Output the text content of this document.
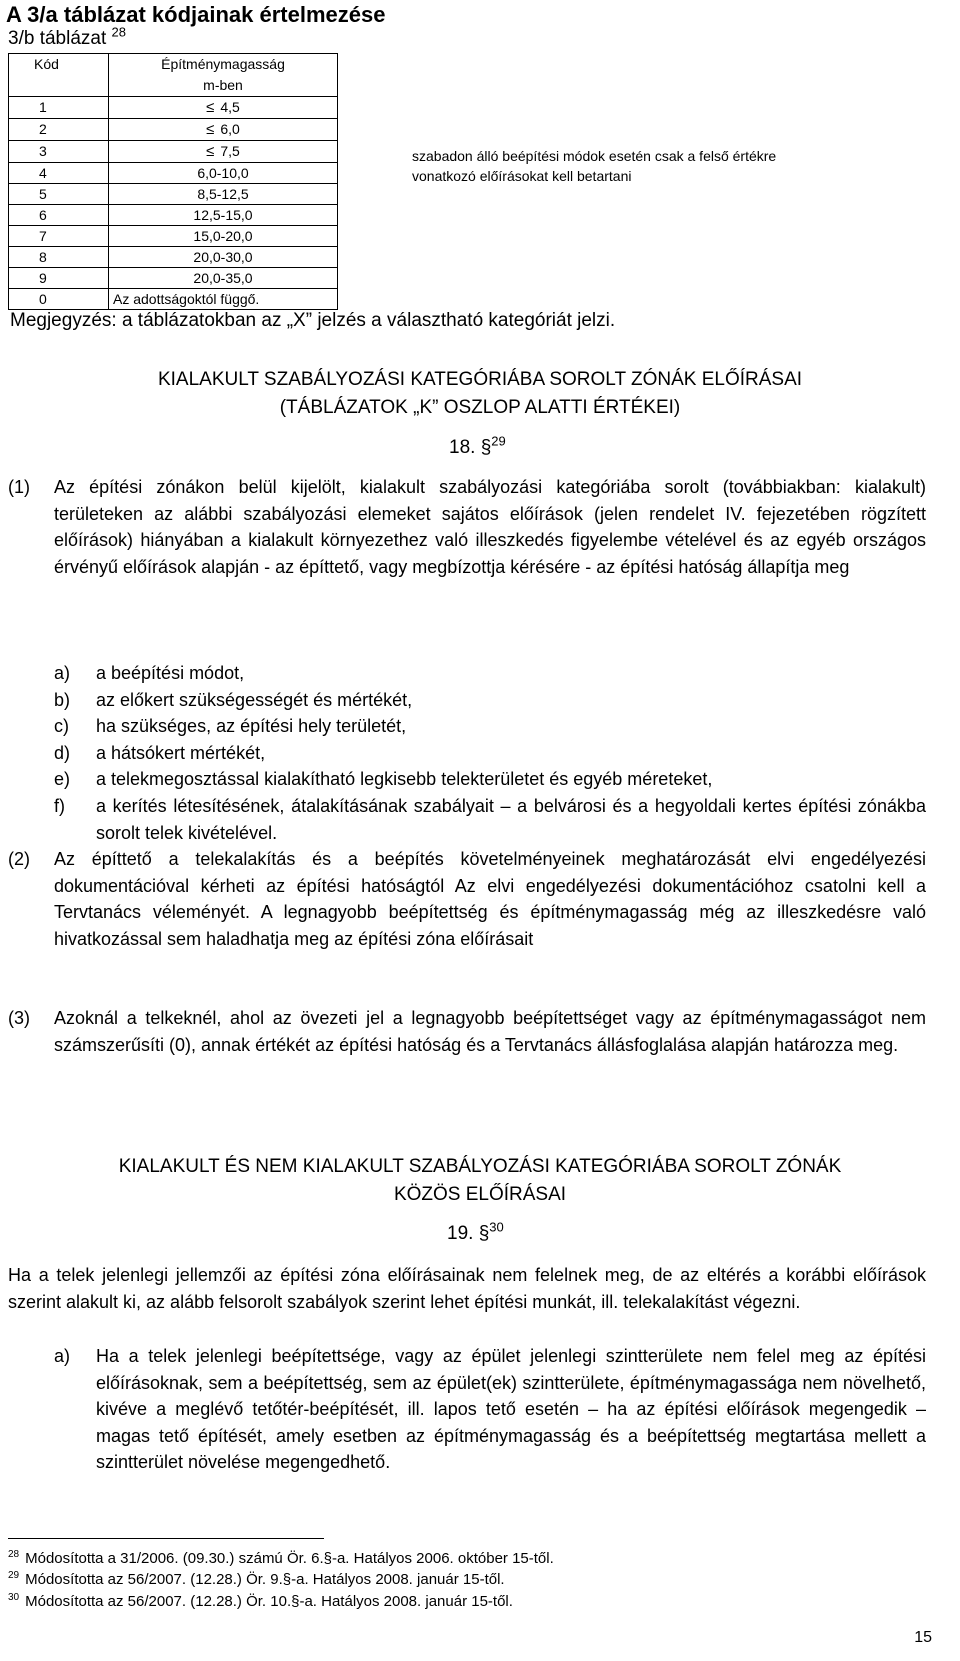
A 3/a táblázat kódjainak értelmezése
3/b táblázat $^{28}$
Kód	Építménymagasság
m-ben
1	≤ 4,5
2	≤ 6,0
3	≤ 7,5
4	6,0-10,0
5	8,5-12,5
6	12,5-15,0
7	15,0-20,0
8	20,0-30,0
9	20,0-35,0
0	Az adottságoktól függő.
szabadon álló beépítési módok esetén csak a felső értékre
vonatkozó előírásokat kell betartani
Megjegyzés: a táblázatokban az „X” jelzés a választható kategóriát jelzi.
KIALAKULT SZABÁLYOZÁSI KATEGÓRIÁBA SOROLT ZÓNÁK ELŐÍRÁSAI
(TÁBLÁZATOK „K” OSZLOP ALATTI ÉRTÉKEI)
18. §$^{29}$
(1) Az építési zónákon belül kijelölt, kialakult szabályozási kategóriába sorolt (továbbiakban: kialakult) területeken az alábbi szabályozási elemeket sajátos előírások (jelen rendelet IV. fejezetében rögzített előírások) hiányában a kialakult környezethez való illeszkedés figyelembe vételével és az egyéb országos érvényű előírások alapján - az építtető, vagy megbízottja kérésére - az építési hatóság állapítja meg
a) a beépítési módot,
b) az előkert szükségességét és mértékét,
c) ha szükséges, az építési hely területét,
d) a hátsókert mértékét,
e) a telekmegosztással kialakítható legkisebb telekterületet és egyéb méreteket,
f) a kerítés létesítésének, átalakításának szabályait – a belvárosi és a hegyoldali kertes építési zónákba sorolt telek kivételével.
(2) Az építtető a telekalakítás és a beépítés követelményeinek meghatározását elvi engedélyezési dokumentációval kérheti az építési hatóságtól Az elvi engedélyezési dokumentációhoz csatolni kell a Tervtanács véleményét. A legnagyobb beépítettség és építménymagasság még az illeszkedésre való hivatkozással sem haladhatja meg az építési zóna előírásait
(3) Azoknál a telkeknél, ahol az övezeti jel a legnagyobb beépítettséget vagy az építménymagasságot nem számszerűsíti (0), annak értékét az építési hatóság és a Tervtanács állásfoglalása alapján határozza meg.
KIALAKULT ÉS NEM KIALAKULT SZABÁLYOZÁSI KATEGÓRIÁBA SOROLT ZÓNÁK
KÖZÖS ELŐÍRÁSAI
19. §$^{30}$
Ha a telek jelenlegi jellemzői az építési zóna előírásainak nem felelnek meg, de az eltérés a korábbi előírások szerint alakult ki, az alább felsorolt szabályok szerint lehet építési munkát, ill. telekalakítást végezni.
a) Ha a telek jelenlegi beépítettsége, vagy az épület jelenlegi szintterülete nem felel meg az építési előírásoknak, sem a beépítettség, sem az épület(ek) szintterülete, építménymagassága nem növelhető, kivéve a meglévő tetőtér-beépítését, ill. lapos tető esetén – ha az építési előírások megengedik – magas tető építését, amely esetben az építménymagasság és a beépítettség megtartása mellett a szintterület növelése megengedhető.
$^{28}$ Módosította a 31/2006. (09.30.) számú Ör. 6.§-a. Hatályos 2006. október 15-től.
$^{29}$ Módosította az 56/2007. (12.28.) Ör. 9.§-a. Hatályos 2008. január 15-től.
$^{30}$ Módosította az 56/2007. (12.28.) Ör. 10.§-a. Hatályos 2008. január 15-től.
15
